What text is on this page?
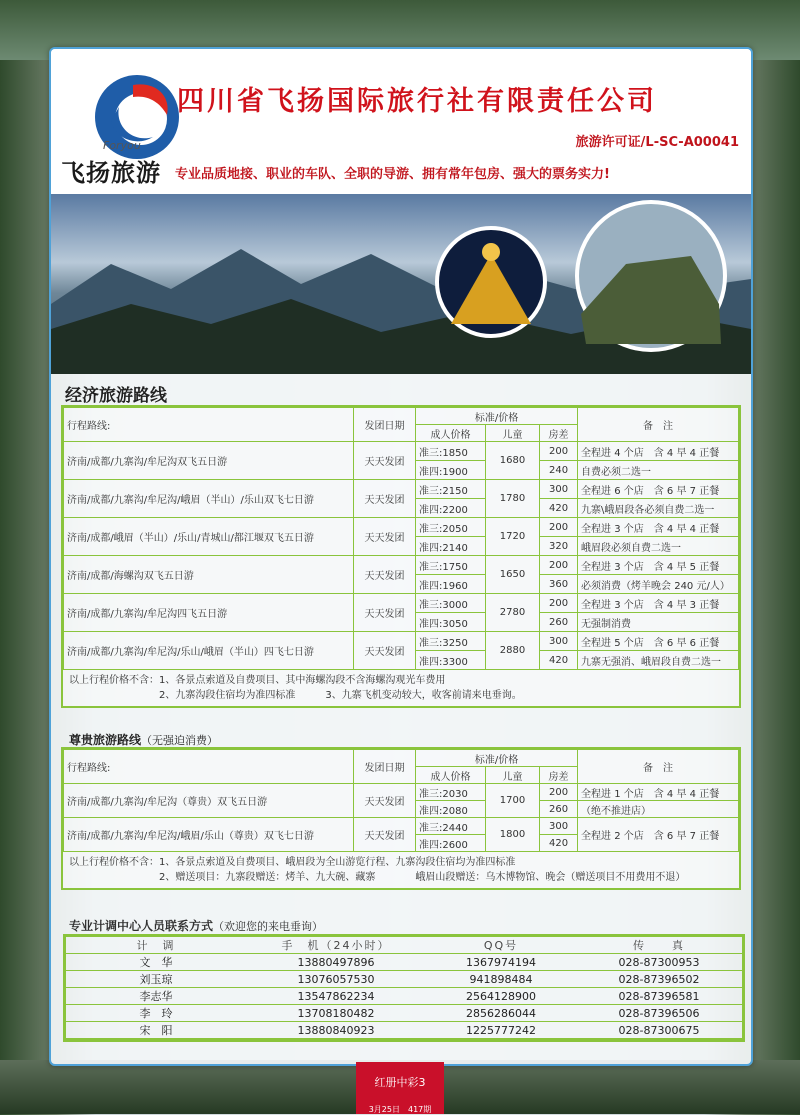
Foryou
飞扬旅游
四川省飞扬国际旅行社有限责任公司
旅游许可证/L-SC-A00041
专业品质地接、职业的车队、全职的导游、拥有常年包房、强大的票务实力!
经济旅游路线
行程路线:	发团日期	标准/价格			备　注
		成人价格	儿童	房差	
济南/成都/九寨沟/牟尼沟双飞五日游	天天发团	准三:1850	1680	200	全程进 4 个店　含 4 早 4 正餐
		准四:1900		240	自费必须二选一
济南/成都/九寨沟/牟尼沟/峨眉（半山）/乐山双飞七日游	天天发团	准三:2150	1780	300	全程进 6 个店　含 6 早 7 正餐
		准四:2200		420	九寨\峨眉段各必须自费二选一
济南/成都/峨眉（半山）/乐山/青城山/都江堰双飞五日游	天天发团	准三:2050	1720	200	全程进 3 个店　含 4 早 4 正餐
		准四:2140		320	峨眉段必须自费二选一
济南/成都/海螺沟双飞五日游	天天发团	准三:1750	1650	200	全程进 3 个店　含 4 早 5 正餐
		准四:1960		360	必须消费（烤羊晚会 240 元/人）
济南/成都/九寨沟/牟尼沟四飞五日游	天天发团	准三:3000	2780	200	全程进 3 个店　含 4 早 3 正餐
		准四:3050		260	无强制消费
济南/成都/九寨沟/牟尼沟/乐山/峨眉（半山）四飞七日游	天天发团	准三:3250	2880	300	全程进 5 个店　含 6 早 6 正餐
		准四:3300		420	九寨无强消、峨眉段自费二选一
以上行程价格不含：1、各景点索道及自费项目、其中海螺沟段不含海螺沟观光车费用
　　　　　　　　　2、九寨沟段住宿均为准四标准　　　3、九寨飞机变动较大，收客前请来电垂询。
尊贵旅游路线（无强迫消费）
行程路线:	发团日期	标准/价格			备　注
		成人价格	儿童	房差	
济南/成都/九寨沟/牟尼沟（尊贵）双飞五日游	天天发团	准三:2030	1700	200	全程进 1 个店　含 4 早 4 正餐
		准四:2080		260	（绝不推进店）
济南/成都/九寨沟/牟尼沟/峨眉/乐山（尊贵）双飞七日游	天天发团	准三:2440	1800	300	全程进 2 个店　含 6 早 7 正餐
		准四:2600		420	
以上行程价格不含：1、各景点索道及自费项目、峨眉段为全山游览行程、九寨沟段住宿均为准四标准
　　　　　　　　　2、赠送项目：九寨段赠送：烤羊、九大碗、藏寨　　　　峨眉山段赠送：乌木博物馆、晚会（赠送项目不用费用不退）
专业计调中心人员联系方式（欢迎您的来电垂询）
计　调	手　机（24小时）	QQ号	传　　真
文　华	13880497896	1367974194	028-87300953
刘玉琼	13076057530	941898484	028-87396502
李志华	13547862234	2564128900	028-87396581
李　玲	13708180482	2856286044	028-87396506
宋　阳	13880840923	1225777242	028-87300675
红册中彩3
3月25日　417期
